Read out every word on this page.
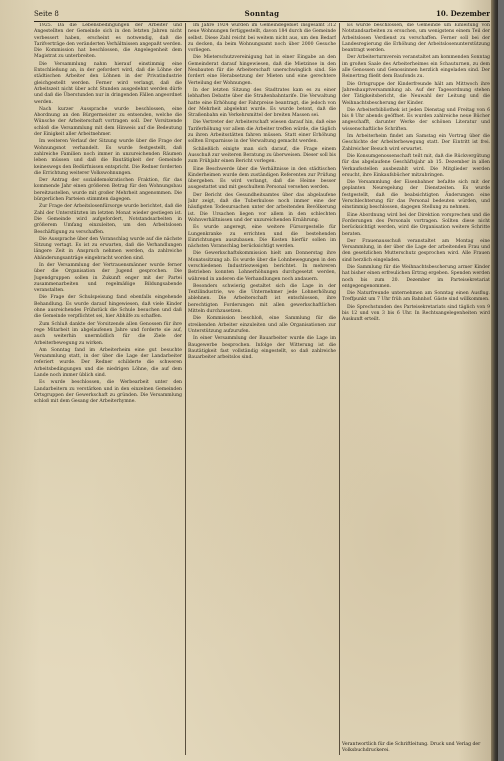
Seite 8	Sonntag	10. Dezember

1925. Da die Lebensbedingungen der Arbeiter und Angestellten der Gemeinde sich in den letzten Jahren nicht verbessert haben, erscheint es notwendig, daß die Tarifverträge den veränderten Verhältnissen angepaßt werden. Die Kommission hat beschlossen, die Angelegenheit dem Magistrat zu unterbreiten.

Die Versammlung nahm hierauf einstimmig eine Entschließung an, in der gefordert wird, daß die Löhne der städtischen Arbeiter den Löhnen in der Privatindustrie gleichgestellt werden. Ferner wird verlangt, daß die Arbeitszeit nicht über acht Stunden ausgedehnt werden dürfe und daß die Überstunden nur in dringenden Fällen angeordnet werden.

Nach kurzer Aussprache wurde beschlossen, eine Abordnung an den Bürgermeister zu entsenden, welche die Wünsche der Arbeiterschaft vortragen soll. Der Vorsitzende schloß die Versammlung mit dem Hinweis auf die Bedeutung der Einigkeit aller Arbeitnehmer.

Im weiteren Verlauf der Sitzung wurde über die Frage der Wohnungsnot verhandelt. Es wurde festgestellt, daß zahlreiche Familien noch immer in unzureichenden Räumen leben müssen und daß die Bautätigkeit der Gemeinde keineswegs den Bedürfnissen entspricht. Die Redner forderten die Errichtung weiterer Volkswohnungen.

Der Antrag der sozialdemokratischen Fraktion, für das kommende Jahr einen größeren Betrag für den Wohnungsbau bereitzustellen, wurde mit großer Mehrheit angenommen. Die bürgerlichen Parteien stimmten dagegen.

Zur Frage der Arbeitslosenfürsorge wurde berichtet, daß die Zahl der Unterstützten im letzten Monat wieder gestiegen ist. Die Gemeinde wird aufgefordert, Notstandsarbeiten in größerem Umfang einzuleiten, um den Arbeitslosen Beschäftigung zu verschaffen.

Die Aussprache über den Voranschlag wurde auf die nächste Sitzung vertagt. Es ist zu erwarten, daß die Verhandlungen längere Zeit in Anspruch nehmen werden, da zahlreiche Abänderungsanträge eingebracht worden sind.

In der Versammlung der Vertrauensmänner wurde ferner über die Organisation der Jugend gesprochen. Die Jugendgruppen sollen in Zukunft enger mit der Partei zusammenarbeiten und regelmäßige Bildungsabende veranstalten.

Die Frage der Schulspeisung fand ebenfalls eingehende Behandlung. Es wurde darauf hingewiesen, daß viele Kinder ohne ausreichendes Frühstück die Schule besuchen und daß die Gemeinde verpflichtet sei, hier Abhilfe zu schaffen.

Zum Schluß dankte der Vorsitzende allen Genossen für ihre rege Mitarbeit im abgelaufenen Jahre und forderte sie auf, auch weiterhin unermüdlich für die Ziele der Arbeiterbewegung zu wirken.

Am Sonntag fand im Arbeiterheim eine gut besuchte Versammlung statt, in der über die Lage der Landarbeiter referiert wurde. Der Redner schilderte die schweren Arbeitsbedingungen und die niedrigen Löhne, die auf dem Lande noch immer üblich sind.

Es wurde beschlossen, die Werbearbeit unter den Landarbeitern zu verstärken und in den einzelnen Gemeinden Ortsgruppen der Gewerkschaft zu gründen. Die Versammlung schloß mit dem Gesang der Arbeiterhymne.

Im Jahre 1924 wurden im Gemeindegebiet insgesamt 312 neue Wohnungen fertiggestellt, davon 184 durch die Gemeinde selbst. Diese Zahl reicht bei weitem nicht aus, um den Bedarf zu decken, da beim Wohnungsamt noch über 2000 Gesuche vorliegen.

Die Mieterschutzvereinigung hat in einer Eingabe an den Gemeinderat darauf hingewiesen, daß die Mietzinse in den Neubauten für die Arbeiterschaft unerschwinglich sind. Sie fordert eine Herabsetzung der Mieten und eine gerechtere Verteilung der Wohnungen.

In der letzten Sitzung des Stadtrates kam es zu einer lebhaften Debatte über die Straßenbahntarife. Die Verwaltung hatte eine Erhöhung der Fahrpreise beantragt, die jedoch von der Mehrheit abgelehnt wurde. Es wurde betont, daß die Straßenbahn ein Verkehrsmittel der breiten Massen sei.

Die Vertreter der Arbeiterschaft wiesen darauf hin, daß eine Tariferhöhung vor allem die Arbeiter treffen würde, die täglich zu ihren Arbeitsstätten fahren müssen. Statt einer Erhöhung sollten Ersparnisse in der Verwaltung gemacht werden.

Schließlich einigte man sich darauf, die Frage einem Ausschuß zur weiteren Beratung zu überweisen. Dieser soll bis zum Frühjahr einen Bericht vorlegen.

Eine Beschwerde über die Verhältnisse in den städtischen Kinderheimen wurde dem zuständigen Referenten zur Prüfung übergeben. Es wird verlangt, daß die Heime besser ausgestattet und mit geschultem Personal versehen werden.

Der Bericht des Gesundheitsamtes über das abgelaufene Jahr zeigt, daß die Tuberkulose noch immer eine der häufigsten Todesursachen unter der arbeitenden Bevölkerung ist. Die Ursachen liegen vor allem in den schlechten Wohnverhältnissen und der unzureichenden Ernährung.

Es wurde angeregt, eine weitere Fürsorgestelle für Lungenkranke zu errichten und die bestehenden Einrichtungen auszubauen. Die Kosten hierfür sollen im nächsten Voranschlag berücksichtigt werden.

Die Gewerkschaftskommission hielt am Donnerstag ihre Monatssitzung ab. Es wurde über die Lohnbewegungen in den verschiedenen Industriezweigen berichtet. In mehreren Betrieben konnten Lohnerhöhungen durchgesetzt werden, während in anderen die Verhandlungen noch andauern.

Besonders schwierig gestaltet sich die Lage in der Textilindustrie, wo die Unternehmer jede Lohnerhöhung ablehnen. Die Arbeiterschaft ist entschlossen, ihre berechtigten Forderungen mit allen gewerkschaftlichen Mitteln durchzusetzen.

Die Kommission beschloß, eine Sammlung für die streikenden Arbeiter einzuleiten und alle Organisationen zur Unterstützung aufzurufen.

In einer Versammlung der Bauarbeiter wurde die Lage im Baugewerbe besprochen. Infolge der Witterung ist die Bautätigkeit fast vollständig eingestellt, so daß zahlreiche Bauarbeiter arbeitslos sind.

Es wurde beschlossen, die Gemeinde um Einleitung von Notstandsarbeiten zu ersuchen, um wenigstens einem Teil der Arbeitslosen Verdienst zu verschaffen. Ferner soll bei der Landesregierung die Erhöhung der Arbeitslosenunterstützung beantragt werden.

Der Arbeiterturnverein veranstaltet am kommenden Sonntag im großen Saale des Arbeiterheimes ein Schauturnen, zu dem alle Genossen und Genossinnen herzlich eingeladen sind. Der Reinertrag fließt dem Baufonds zu.

Die Ortsgruppe der Kinderfreunde hält am Mittwoch ihre Jahreshauptversammlung ab. Auf der Tagesordnung stehen der Tätigkeitsbericht, die Neuwahl der Leitung und die Weihnachtsbescherung der Kinder.

Die Arbeiterbibliothek ist jeden Dienstag und Freitag von 6 bis 8 Uhr abends geöffnet. Es wurden zahlreiche neue Bücher angeschafft, darunter Werke der schönen Literatur und wissenschaftliche Schriften.

Im Arbeiterheim findet am Samstag ein Vortrag über die Geschichte der Arbeiterbewegung statt. Der Eintritt ist frei. Zahlreicher Besuch wird erwartet.

Die Konsumgenossenschaft teilt mit, daß die Rückvergütung für das abgelaufene Geschäftsjahr ab 15. Dezember in allen Verkaufsstellen ausbezahlt wird. Die Mitglieder werden ersucht, ihre Einkaufsbücher mitzubringen.

Die Versammlung der Eisenbahner befaßte sich mit der geplanten Neuregelung der Dienstzeiten. Es wurde festgestellt, daß die beabsichtigten Änderungen eine Verschlechterung für das Personal bedeuten würden, und einstimmig beschlossen, dagegen Stellung zu nehmen.

Eine Abordnung wird bei der Direktion vorsprechen und die Forderungen des Personals vortragen. Sollten diese nicht berücksichtigt werden, wird die Organisation weitere Schritte beraten.

Der Frauenausschuß veranstaltet am Montag eine Versammlung, in der über die Lage der arbeitenden Frau und den gesetzlichen Mutterschutz gesprochen wird. Alle Frauen sind herzlich eingeladen.

Die Sammlung für die Weihnachtsbescherung armer Kinder hat bisher einen erfreulichen Ertrag ergeben. Spenden werden noch bis zum 20. Dezember im Parteisekretariat entgegengenommen.

Die Naturfreunde unternehmen am Sonntag einen Ausflug. Treffpunkt um 7 Uhr früh am Bahnhof. Gäste sind willkommen.

Die Sprechstunden des Parteisekretariats sind täglich von 9 bis 12 und von 3 bis 6 Uhr. In Rechtsangelegenheiten wird Auskunft erteilt.

Verantwortlich für die Schriftleitung. Druck und Verlag der Volksbuchdruckerei.
